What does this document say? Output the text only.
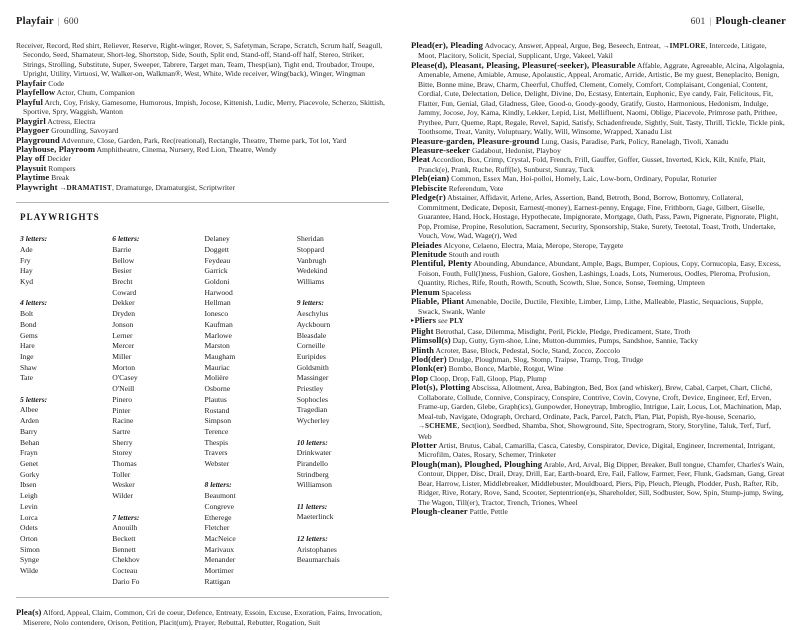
Playfair | 600

Receiver, Record, Red shirt, Reliever, Reserve, Right-winger, Rover, S, Safetyman, Scrape, Scratch, Scrum half, Seagull, Secondo, Seed, Shamateur, Short-leg, Shortstop, Side, South, Split end, Stand-off, Stand-off half, Stereo, Striker, Strings, Strolling, Substitute, Super, Sweeper, Tabrere, Target man, Team, Thesp(ian), Tight end, Troubador, Troupe, Upright, Utility, Virtuosi, W, Walker-on, Walkman®, West, White, Wide receiver, Wing(back), Winger, Wingman

Playfair Code

Playfellow Actor, Chum, Companion

Playful Arch, Coy, Frisky, Gamesome, Humorous, Impish, Jocose, Kittenish, Ludic, Merry, Piacevole, Scherzo, Skittish, Sportive, Spry, Waggish, Wanton

Playgirl Actress, Electra

Playgoer Groundling, Savoyard

Playground Adventure, Close, Garden, Park, Rec(reational), Rectangle, Theatre, Theme park, Tot lot, Yard

Playhouse, Playroom Amphitheatre, Cinema, Nursery, Red Lion, Theatre, Wendy

Play off Decider

Playsuit Rompers

Playtime Break

Playwright →DRAMATIST, Dramaturge, Dramaturgist, Scriptwriter

PLAYWRIGHTS
3 letters:
Ade
Fry
Hay
Kyd
4 letters:
Bolt
Bond
Gems
Hare
Inge
Shaw
Tate
5 letters:
Albee
Arden
Barry
Behan
Frayn
Genet
Gorky
Ibsen
Leigh
Levin
Lorca
Odets
Orton
Simon
Synge
Wilde
6 letters:
Barrie
Bellow
Besier
Brecht
Coward
Dekker
Dryden
Jonson
Lerner
Mercer
Miller
Morton
O'Casey
O'Neill
Pinero
Pinter
Racine
Sartre
Sherry
Storey
Thomas
Toller
Wesker
Wilder
7 letters:
Anouilh
Beckett
Bennett
Chekhov
Cocteau
Dario Fo
Delaney
Doggett
Feydeau
Garrick
Goldoni
Harwood
Hellman
Ionesco
Kaufman
Marlowe
Marston
Maugham
Mauriac
Molière
Osborne
Plautus
Rostand
Simpson
Terence
Thespis
Travers
Webster
8 letters:
Beaumont
Congreve
Etherege
Fletcher
MacNeice
Marivaux
Menander
Mortimer
Rattigan
Sheridan
Stoppard
Vanbrugh
Wedekind
Williams
9 letters:
Aeschylus
Ayckbourn
Bleasdale
Corneille
Euripides
Goldsmith
Massinger
Priestley
Sophocles
Tragedian
Wycherley
10 letters:
Drinkwater
Pirandello
Strindberg
Williamson
11 letters:
Maeterlinck
12 letters:
Aristophanes
Beaumarchais

Plea(s) Alford, Appeal, Claim, Common, Cri de coeur, Defence, Entreaty, Essoin, Excuse, Exoration, Fains, Invocation, Miserere, Nolo contendere, Orison, Petition, Placit(um), Prayer, Rebuttal, Rebutter, Rogation, Suit

601 | Plough-cleaner

Plead(er), Pleading Advocacy, Answer, Appeal, Argue, Beg, Beseech, Entreat, →IMPLORE, Intercede, Litigate, Moot, Placitory, Solicit, Special, Supplicant, Urge, Vakeel, Vakil

Please(d), Pleasant, Pleasing, Pleasure(-seeker), Pleasurable Affable, Aggrate, Agreeable, Alcina, Algolagnia, Amenable, Amene, Amiable, Amuse, Apolaustic, Appeal, Aromatic, Arride, Artistic, Be my guest, Beneplacito, Benign, Bitte, Bonne mine, Braw, Charm, Cheerful, Chuffed, Clement, Comely, Comfort, Complaisant, Congenial, Content, Cordial, Cute, Delectation, Delice, Delight, Divine, Do, Ecstasy, Entertain, Euphonic, Eye candy, Fair, Felicitous, Fit, Flatter, Fun, Genial, Glad, Gladness, Glee, Good-o, Goody-goody, Gratify, Gusto, Harmonious, Hedonism, Indulge, Jammy, Jocose, Joy, Kama, Kindly, Lekker, Lepid, List, Mellifluent, Naomi, Oblige, Piacevole, Primrose path, Prithee, Prythee, Purr, Queme, Rapt, Regale, Revel, Sapid, Satisfy, Schadenfreude, Sightly, Suit, Tasty, Thrill, Tickle, Tickle pink, Toothsome, Treat, Vanity, Voluptuary, Wally, Will, Winsome, Wrapped, Xanadu List

Pleasure-garden, Pleasure-ground Lung, Oasis, Paradise, Park, Policy, Ranelagh, Tivoli, Xanadu

Pleasure-seeker Gadabout, Hedonist, Playboy

Pleat Accordion, Box, Crimp, Crystal, Fold, French, Frill, Gauffer, Goffer, Gusset, Inverted, Kick, Kilt, Knife, Plait, Pranck(e), Prank, Ruche, Ruff(le), Sunburst, Sunray, Tuck

Pleb(eian) Common, Essex Man, Hoi-polloi, Homely, Laic, Low-born, Ordinary, Popular, Roturier

Plebiscite Referendum, Vote

Pledge(r) Abstainer, Affidavit, Arlene, Arles, Assertion, Band, Betroth, Bond, Borrow, Bottomry, Collateral, Commitment, Dedicate, Deposit, Earnest(-money), Earnest-penny, Engage, Fine, Frithborn, Gage, Gilbert, Giselle, Guarantee, Hand, Hock, Hostage, Hypothecate, Impignorate, Mortgage, Oath, Pass, Pawn, Pignerate, Pignorate, Plight, Pop, Promise, Propine, Resolution, Sacrament, Security, Sponsorship, Stake, Surety, Teetotal, Toast, Troth, Undertake, Vouch, Vow, Wad, Wage(r), Wed

Pleiades Alcyone, Celaeno, Electra, Maia, Merope, Sterope, Taygete

Plenitude Stouth and routh

Plentiful, Plenty Abounding, Abundance, Abundant, Ample, Bags, Bumper, Copious, Copy, Cornucopia, Easy, Excess, Foison, Fouth, Full(l)ness, Fushion, Galore, Goshen, Lashings, Loads, Lots, Numerous, Oodles, Pleroma, Profusion, Quantity, Riches, Rife, Routh, Rowth, Scouth, Scowth, Slue, Sonce, Sonse, Teeming, Umpteen

Plenum Spaceless

Pliable, Pliant Amenable, Docile, Ductile, Flexible, Limber, Limp, Lithe, Malleable, Plastic, Sequacious, Supple, Swack, Swank, Wanle

▸Pliers see PLY

Plight Betrothal, Case, Dilemma, Misdight, Peril, Pickle, Pledge, Predicament, State, Troth

Plimsoll(s) Dap, Gutty, Gym-shoe, Line, Mutton-dummies, Pumps, Sandshoe, Sannie, Tacky

Plinth Acroter, Base, Block, Pedestal, Socle, Stand, Zocco, Zoccolo

Plod(der) Drudge, Ploughman, Slog, Stomp, Traipse, Tramp, Trog, Trudge

Plonk(er) Bombo, Bonce, Marble, Rotgut, Wine

Plop Cloop, Drop, Fall, Gloop, Plap, Plump

Plot(s), Plotting Abscissa, Allotment, Area, Babington, Bed, Box (and whisker), Brew, Cabal, Carpet, Chart, Cliché, Collaborate, Collude, Connive, Conspiracy, Conspire, Contrive, Covin, Covyne, Croft, Device, Engineer, Erf, Erven, Frame-up, Garden, Glebe, Graph(ics), Gunpowder, Honeytrap, Imbroglio, Intrigue, Lair, Locus, Lot, Machination, Map, Meal-tub, Navigate, Odograph, Orchard, Ordinate, Pack, Parcel, Patch, Plan, Plat, Popish, Rye-house, Scenario, →SCHEME, Sect(ion), Seedbed, Shamba, Shot, Showground, Site, Spectrogram, Story, Storyline, Taluk, Terf, Turf, Web

Plotter Artist, Brutus, Cabal, Camarilla, Casca, Catesby, Conspirator, Device, Digital, Engineer, Incremental, Intrigant, Microfilm, Oates, Rosary, Schemer, Trinketer

Plough(man), Ploughed, Ploughing Arable, Ard, Arval, Big Dipper, Breaker, Bull tongue, Chamfer, Charles's Wain, Contour, Dipper, Disc, Drail, Dray, Drill, Ear, Earth-board, Ere, Fail, Fallow, Farmer, Feer, Flunk, Gadsman, Gang, Great Bear, Harrow, Lister, Middlebreaker, Middlebuster, Mouldboard, Piers, Pip, Pleuch, Pleugh, Plodder, Push, Rafter, Rib, Ridger, Rive, Rotary, Rove, Sand, Scooter, Septentrion(e)s, Shareholder, Sill, Sodbuster, Sow, Spin, Stump-jump, Swing, The Wagon, Till(er), Tractor, Trench, Triones, Wheel

Plough-cleaner Pattle, Pettle
